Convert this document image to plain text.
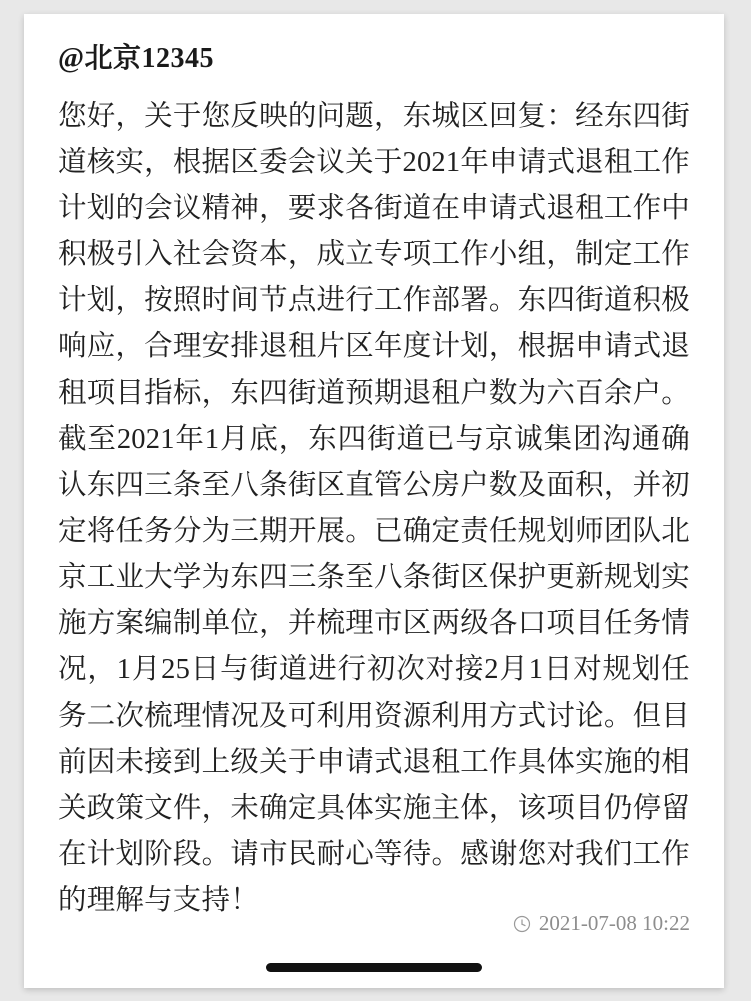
@北京12345

您好，关于您反映的问题，东城区回复：经东四街道核实，根据区委会议关于2021年申请式退租工作计划的会议精神，要求各街道在申请式退租工作中积极引入社会资本，成立专项工作小组，制定工作计划，按照时间节点进行工作部署。东四街道积极响应，合理安排退租片区年度计划，根据申请式退租项目指标，东四街道预期退租户数为六百余户。截至2021年1月底，东四街道已与京诚集团沟通确认东四三条至八条街区直管公房户数及面积，并初定将任务分为三期开展。已确定责任规划师团队北京工业大学为东四三条至八条街区保护更新规划实施方案编制单位，并梳理市区两级各口项目任务情况，1月25日与街道进行初次对接2月1日对规划任务二次梳理情况及可利用资源利用方式讨论。但目前因未接到上级关于申请式退租工作具体实施的相关政策文件，未确定具体实施主体，该项目仍停留在计划阶段。请市民耐心等待。感谢您对我们工作的理解与支持！

2021-07-08 10:22
